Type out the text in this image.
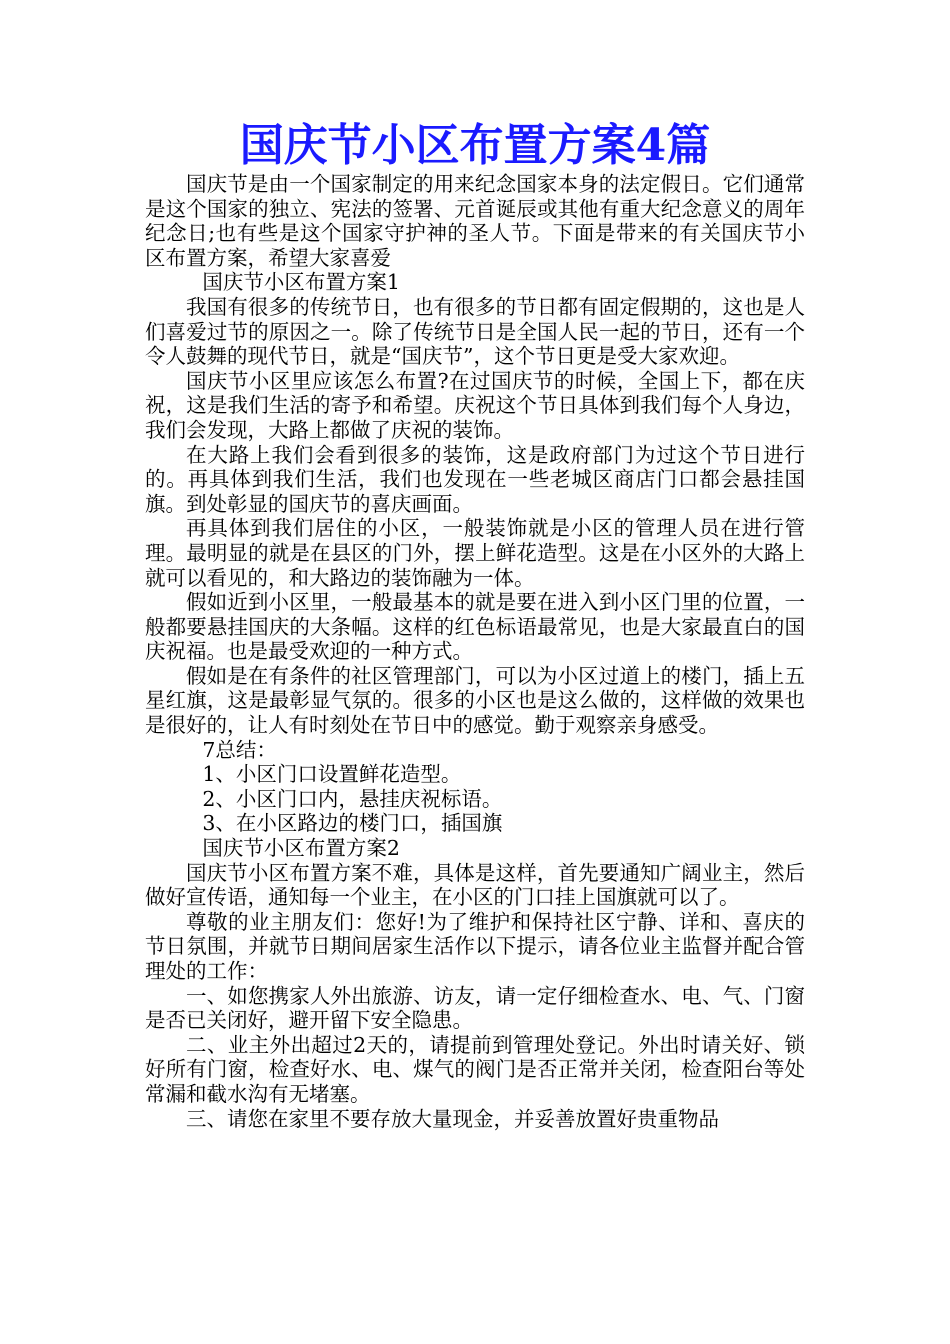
国庆节小区布置方案4篇

国庆节是由一个国家制定的用来纪念国家本身的法定假日。它们通常是这个国家的独立、宪法的签署、元首诞辰或其他有重大纪念意义的周年纪念日;也有些是这个国家守护神的圣人节。下面是带来的有关国庆节小区布置方案，希望大家喜爱

国庆节小区布置方案1

我国有很多的传统节日，也有很多的节日都有固定假期的，这也是人们喜爱过节的原因之一。除了传统节日是全国人民一起的节日，还有一个令人鼓舞的现代节日，就是“国庆节”，这个节日更是受大家欢迎。

国庆节小区里应该怎么布置?在过国庆节的时候，全国上下，都在庆祝，这是我们生活的寄予和希望。庆祝这个节日具体到我们每个人身边，我们会发现，大路上都做了庆祝的装饰。

在大路上我们会看到很多的装饰，这是政府部门为过这个节日进行的。再具体到我们生活，我们也发现在一些老城区商店门口都会悬挂国旗。到处彰显的国庆节的喜庆画面。

再具体到我们居住的小区，一般装饰就是小区的管理人员在进行管理。最明显的就是在县区的门外，摆上鲜花造型。这是在小区外的大路上就可以看见的，和大路边的装饰融为一体。

假如近到小区里，一般最基本的就是要在进入到小区门里的位置，一般都要悬挂国庆的大条幅。这样的红色标语最常见，也是大家最直白的国庆祝福。也是最受欢迎的一种方式。

假如是在有条件的社区管理部门，可以为小区过道上的楼门，插上五星红旗，这是最彰显气氛的。很多的小区也是这么做的，这样做的效果也是很好的，让人有时刻处在节日中的感觉。勤于观察亲身感受。

7总结：

1、小区门口设置鲜花造型。

2、小区门口内，悬挂庆祝标语。

3、在小区路边的楼门口，插国旗

国庆节小区布置方案2

国庆节小区布置方案不难，具体是这样，首先要通知广阔业主，然后做好宣传语，通知每一个业主，在小区的门口挂上国旗就可以了。

尊敬的业主朋友们：您好!为了维护和保持社区宁静、详和、喜庆的节日氛围，并就节日期间居家生活作以下提示，请各位业主监督并配合管理处的工作：

一、如您携家人外出旅游、访友，请一定仔细检查水、电、气、门窗是否已关闭好，避开留下安全隐患。

二、业主外出超过2天的，请提前到管理处登记。外出时请关好、锁好所有门窗，检查好水、电、煤气的阀门是否正常并关闭，检查阳台等处常漏和截水沟有无堵塞。

三、请您在家里不要存放大量现金，并妥善放置好贵重物品
